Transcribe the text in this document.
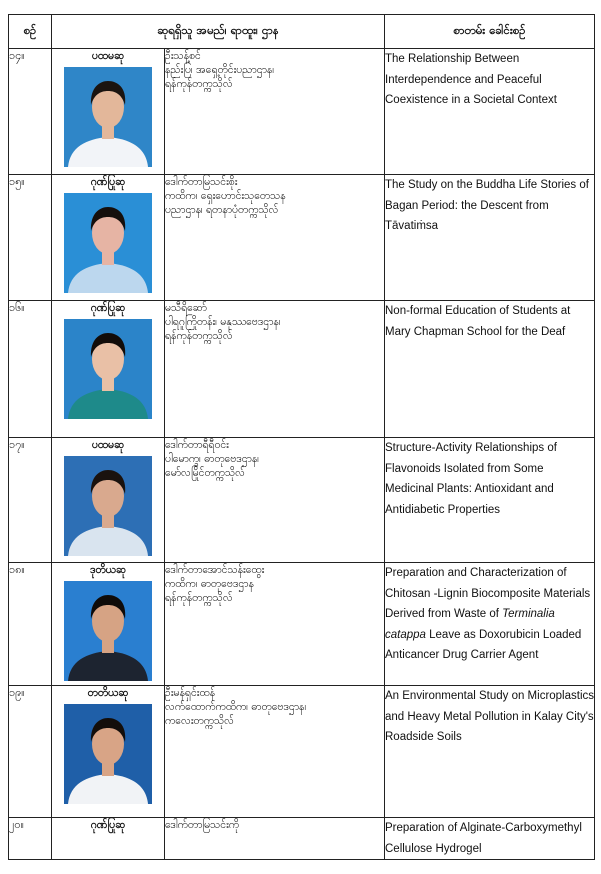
စဉ်	ဆုရရှိသူ အမည်၊ ရာထူး၊ ဌာန		စာတမ်း ခေါင်းစဉ်
၁၄။	ပထမဆု	ဦးသန့်စင်
နည်းပြ၊ အရှေ့တိုင်းပညာဌာန၊
ရန်ကုန်တက္ကသိုလ်	The Relationship Between Interdependence and Peaceful Coexistence in a Societal Context
၁၅။	ဂုဏ်ပြုဆု	ဒေါက်တာမြသင်းစိုး
ကထိက၊ ရှေးဟောင်းသုတေသန
ပညာဌာန၊ ရတနာပုံတက္ကသိုလ်	The Study on the Buddha Life Stories of Bagan Period: the Descent from Tāvatiṁsa
၁၆။	ဂုဏ်ပြုဆု	မသီရိဆော်
ပါရဂူကြိုတန်း၊ မနုဿဗေဒဌာန၊
ရန်ကုန်တက္ကသိုလ်	Non-formal Education of Students at Mary Chapman School for the Deaf
၁၇။	ပထမဆု	ဒေါက်တာရီရီဝင်း
ပါမောက္ခ၊ ဓာတုဗေဒဌာန၊
မော်လမြိုင်တက္ကသိုလ်	Structure-Activity Relationships of Flavonoids Isolated from Some Medicinal Plants: Antioxidant and Antidiabetic Properties
၁၈။	ဒုတိယဆု	ဒေါက်တာအောင်သန်းထွေး
ကထိက၊ ဓာတုဗေဒဌာန
ရန်ကုန်တက္ကသိုလ်	Preparation and Characterization of Chitosan -Lignin Biocomposite Materials Derived from Waste of Terminalia catappa Leave as Doxorubicin Loaded Anticancer Drug Carrier Agent
၁၉။	တတိယဆု	ဦးမန်ရှင်းထန်
လက်ထောက်ကထိက၊ ဓာတုဗေဒဌာန၊
ကလေးတက္ကသိုလ်	An Environmental Study on Microplastics and Heavy Metal Pollution in Kalay City's Roadside Soils
၂၀။	ဂုဏ်ပြုဆု	ဒေါက်တာမြသင်းကို	Preparation of Alginate-Carboxymethyl Cellulose Hydrogel
